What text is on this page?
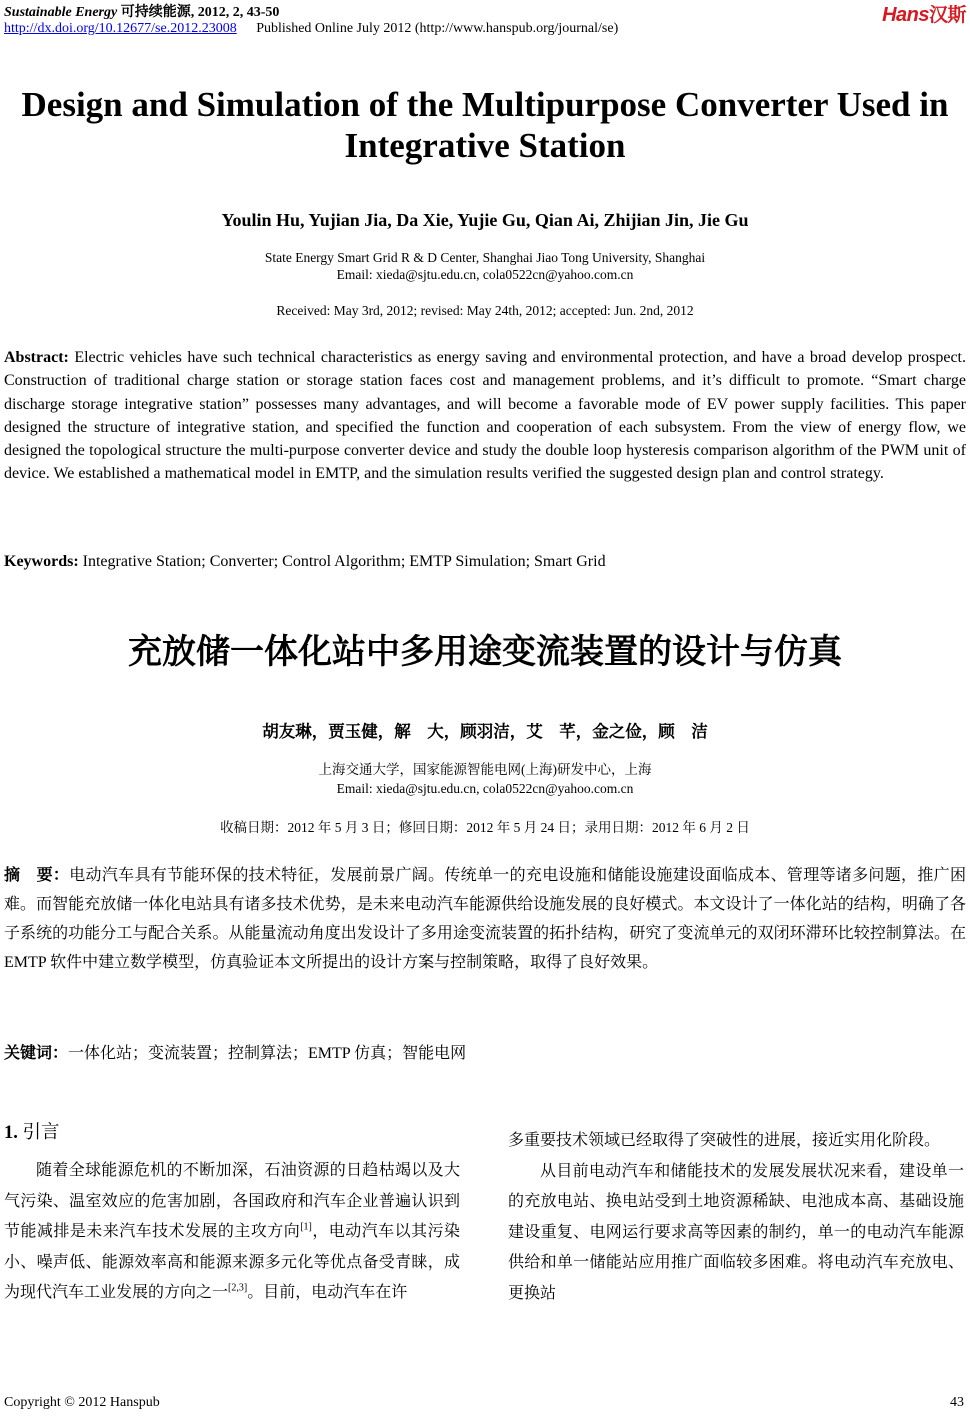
Sustainable Energy 可持续能源, 2012, 2, 43-50
http://dx.doi.org/10.12677/se.2012.23008 Published Online July 2012 (http://www.hanspub.org/journal/se)
Hans汉斯
Design and Simulation of the Multipurpose Converter Used in Integrative Station
Youlin Hu, Yujian Jia, Da Xie, Yujie Gu, Qian Ai, Zhijian Jin, Jie Gu
State Energy Smart Grid R & D Center, Shanghai Jiao Tong University, Shanghai
Email: xieda@sjtu.edu.cn, cola0522cn@yahoo.com.cn
Received: May 3rd, 2012; revised: May 24th, 2012; accepted: Jun. 2nd, 2012
Abstract: Electric vehicles have such technical characteristics as energy saving and environmental protection, and have a broad develop prospect. Construction of traditional charge station or storage station faces cost and management problems, and it’s difficult to promote. “Smart charge discharge storage integrative station” possesses many advantages, and will become a favorable mode of EV power supply facilities. This paper designed the structure of integrative station, and specified the function and cooperation of each subsystem. From the view of energy flow, we designed the topological structure the multi-purpose converter device and study the double loop hysteresis comparison algorithm of the PWM unit of device. We established a mathematical model in EMTP, and the simulation results verified the suggested design plan and control strategy.
Keywords: Integrative Station; Converter; Control Algorithm; EMTP Simulation; Smart Grid
充放储一体化站中多用途变流装置的设计与仿真
胡友琳，贾玉健，解　大，顾羽洁，艾　芊，金之俭，顾　洁
上海交通大学，国家能源智能电网(上海)研发中心，上海
Email: xieda@sjtu.edu.cn, cola0522cn@yahoo.com.cn
收稿日期：2012 年 5 月 3 日；修回日期：2012 年 5 月 24 日；录用日期：2012 年 6 月 2 日
摘　要：电动汽车具有节能环保的技术特征，发展前景广阔。传统单一的充电设施和储能设施建设面临成本、管理等诸多问题，推广困难。而智能充放储一体化电站具有诸多技术优势，是未来电动汽车能源供给设施发展的良好模式。本文设计了一体化站的结构，明确了各子系统的功能分工与配合关系。从能量流动角度出发设计了多用途变流装置的拓扑结构，研究了变流单元的双闭环滞环比较控制算法。在 EMTP 软件中建立数学模型，仿真验证本文所提出的设计方案与控制策略，取得了良好效果。
关键词：一体化站；变流装置；控制算法；EMTP 仿真；智能电网
1. 引言

随着全球能源危机的不断加深，石油资源的日趋枯竭以及大气污染、温室效应的危害加剧，各国政府和汽车企业普遍认识到节能减排是未来汽车技术发展的主攻方向[1]，电动汽车以其污染小、噪声低、能源效率高和能源来源多元化等优点备受青睐，成为现代汽车工业发展的方向之一[2,3]。目前，电动汽车在许

多重要技术领域已经取得了突破性的进展，接近实用化阶段。

从目前电动汽车和储能技术的发展发展状况来看，建设单一的充放电站、换电站受到土地资源稀缺、电池成本高、基础设施建设重复、电网运行要求高等因素的制约，单一的电动汽车能源供给和单一储能站应用推广面临较多困难。将电动汽车充放电、更换站

Copyright © 2012 Hanspub	43
